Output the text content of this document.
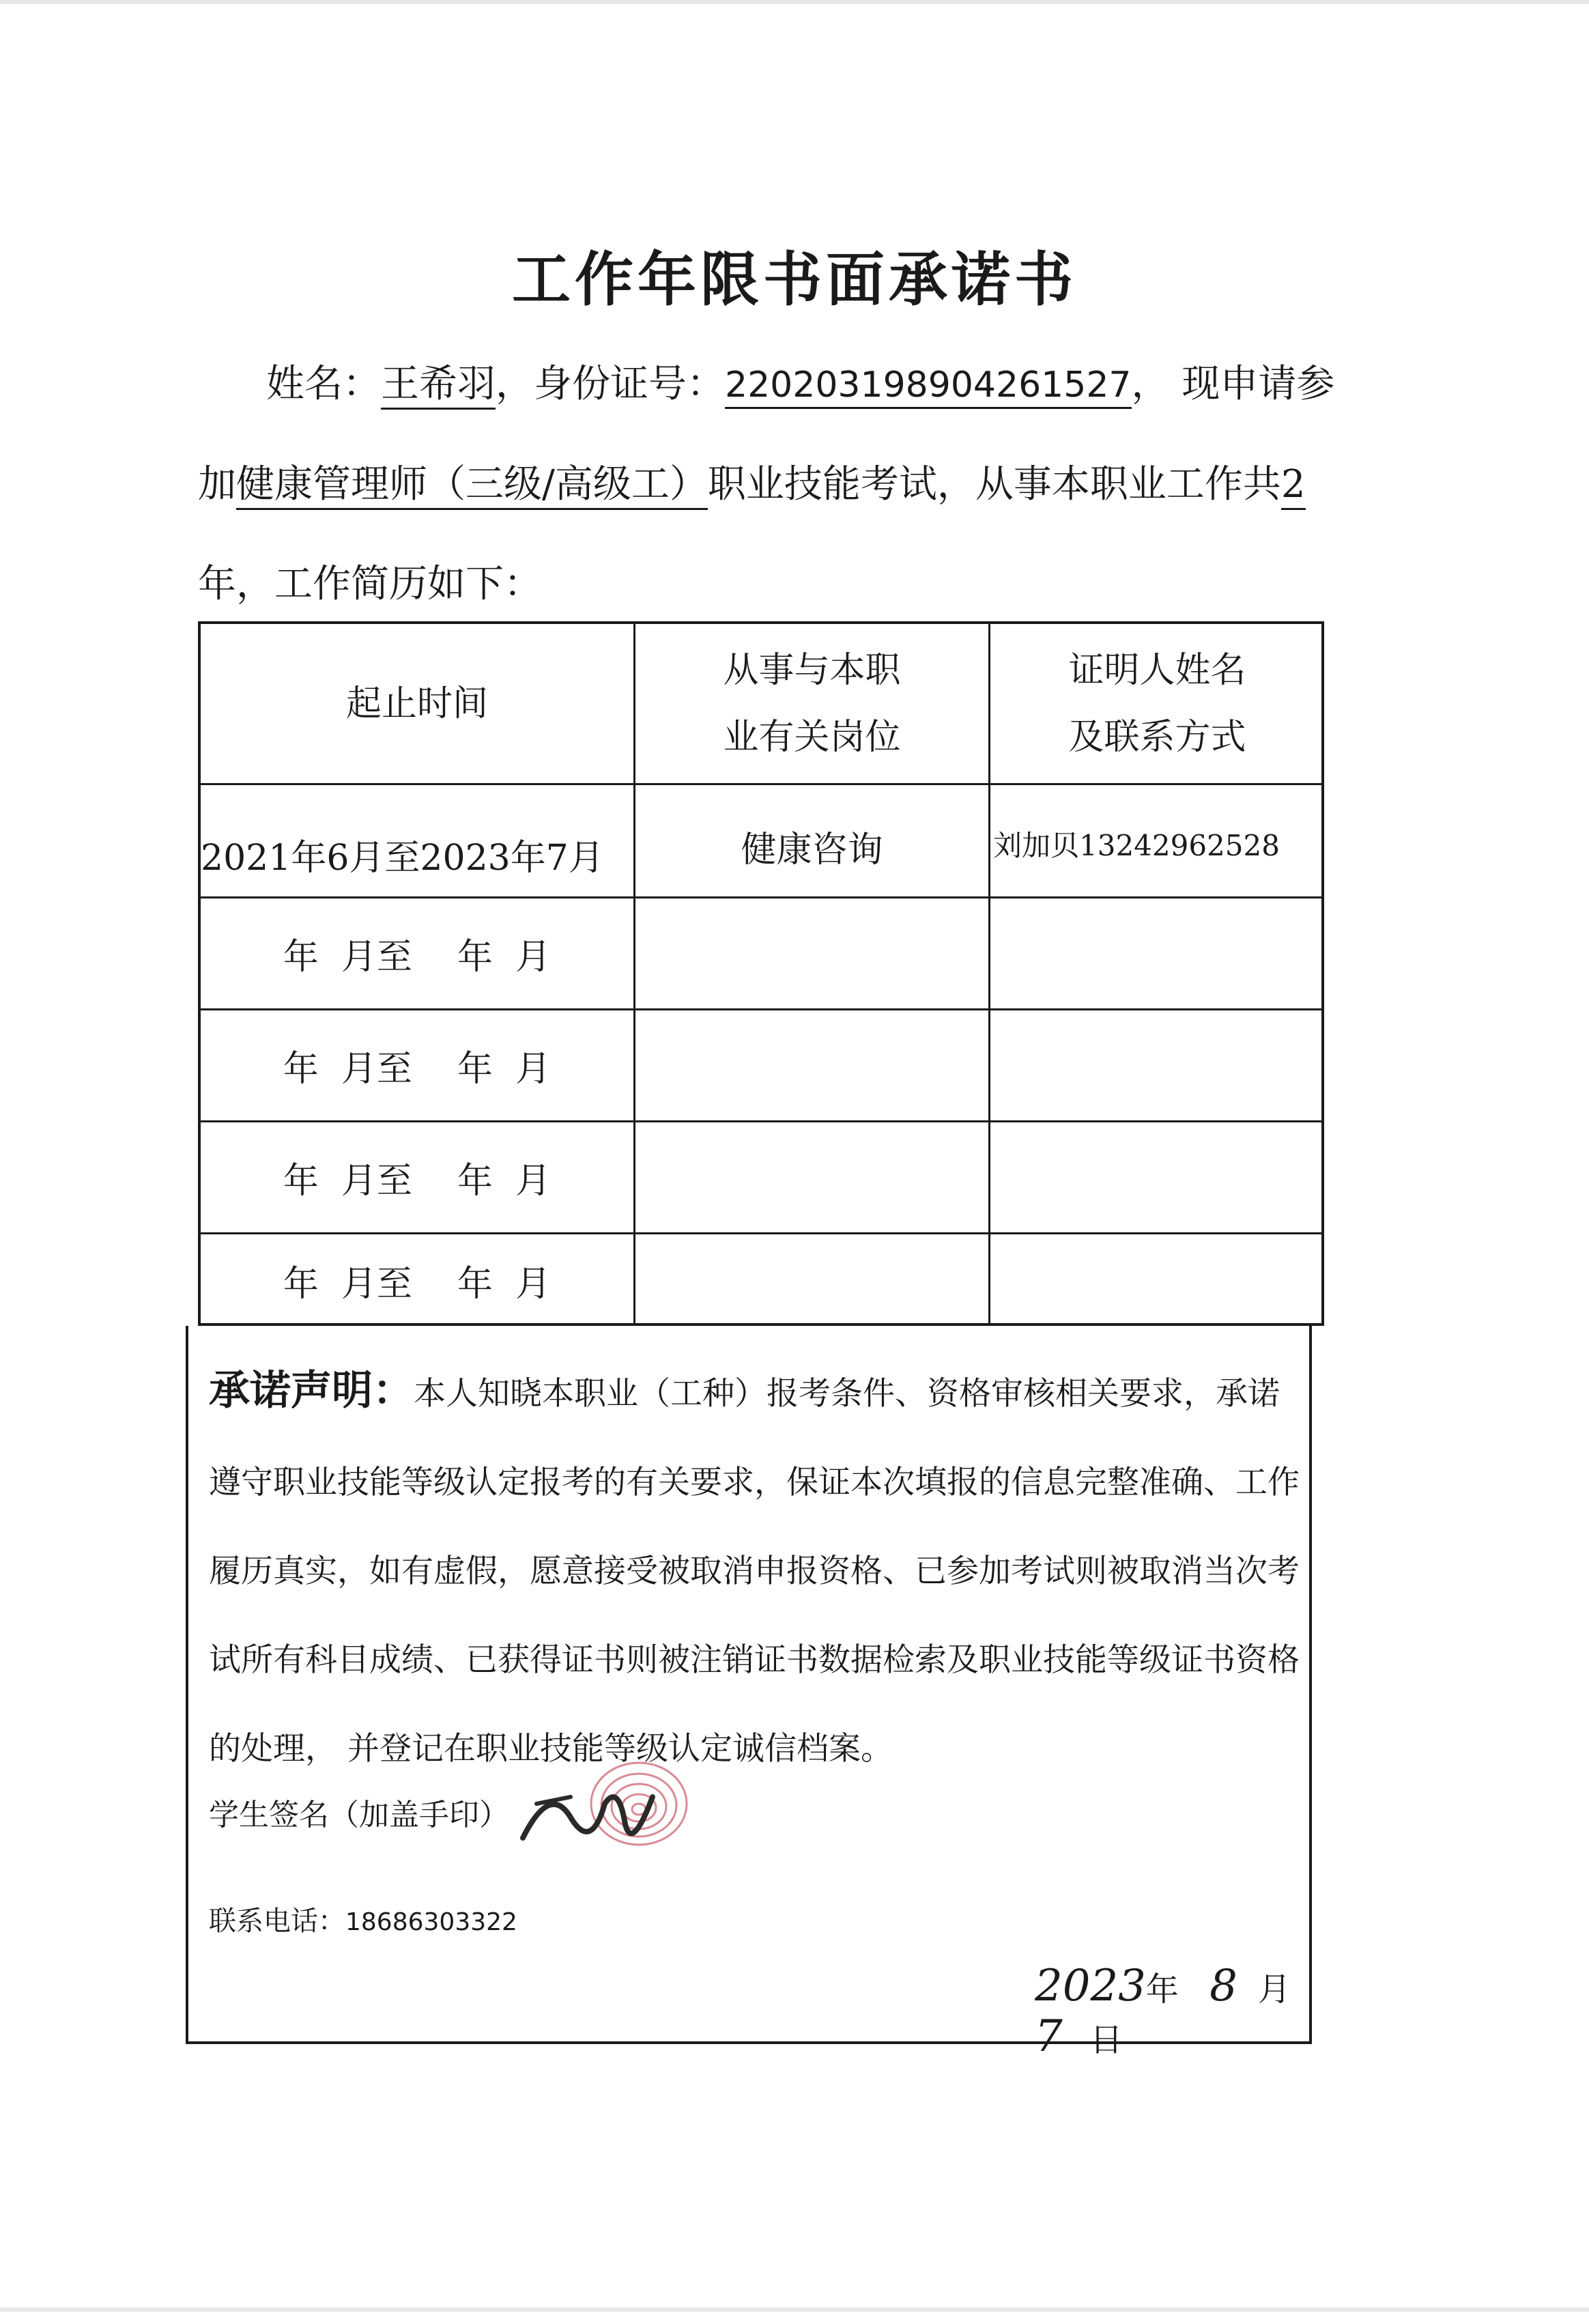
工作年限书面承诺书
姓名：王希羽，身份证号：220203198904261527， 现申请参加健康管理师（三级/高级工）职业技能考试，从事本职业工作共2年，工作简历如下：
起止时间
从事与本职业有关岗位
证明人姓名及联系方式
2021年6月至2023年7月	健康咨询	刘加贝13242962528
年  月至    年  月
年  月至    年  月
年  月至    年  月
年  月至    年  月
承诺声明：本人知晓本职业（工种）报考条件、资格审核相关要求，承诺遵守职业技能等级认定报考的有关要求，保证本次填报的信息完整准确、工作履历真实，如有虚假，愿意接受被取消申报资格、已参加考试则被取消当次考试所有科目成绩、已获得证书则被注销证书数据检索及职业技能等级证书资格的处理， 并登记在职业技能等级认定诚信档案。
学生签名（加盖手印）
联系电话：18686303322
2023年 8 月7 日
